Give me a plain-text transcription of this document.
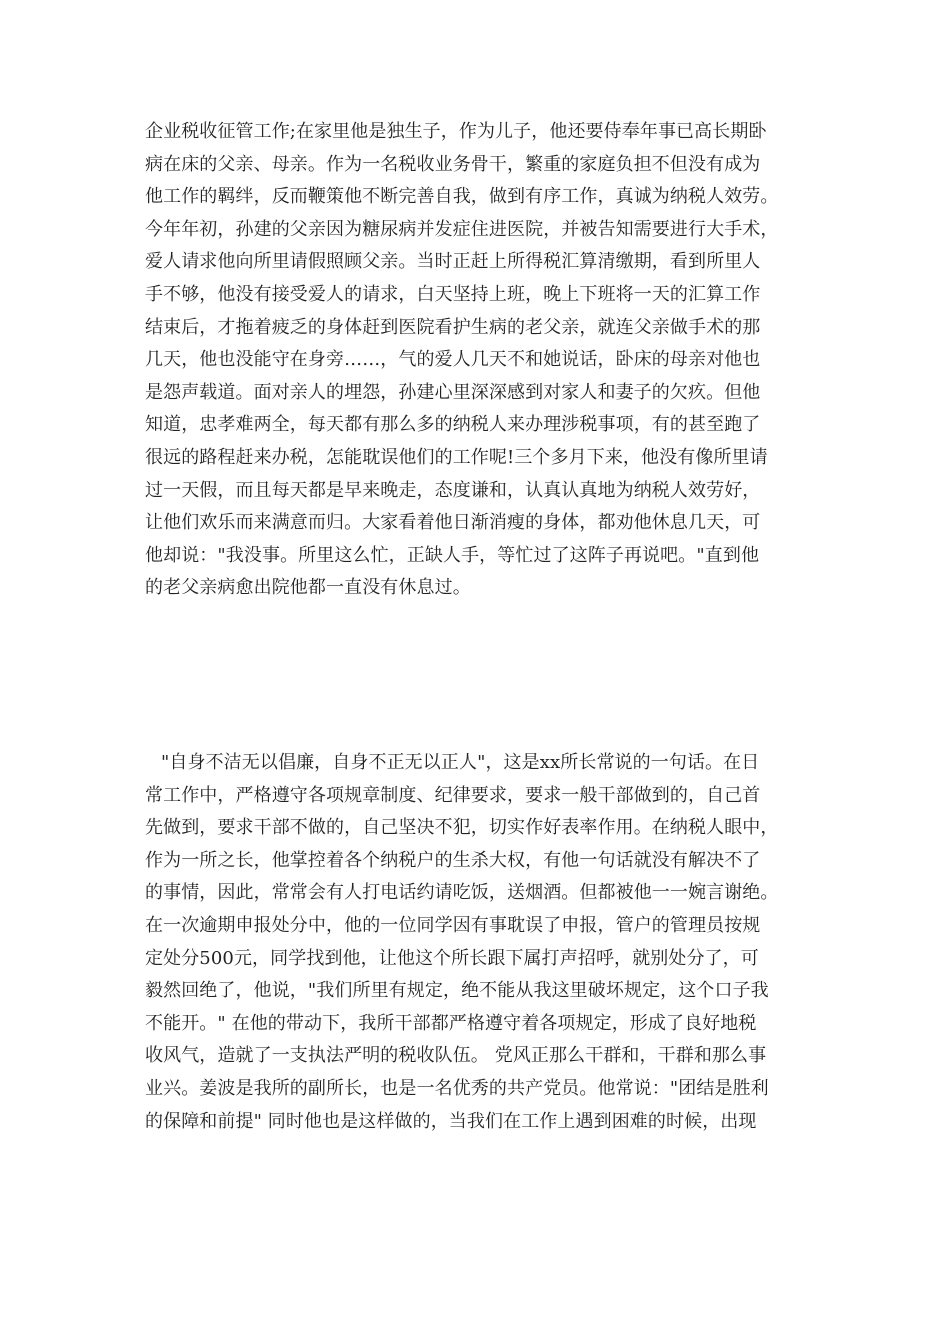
企业税收征管工作;在家里他是独生子，作为儿子，他还要侍奉年事已高长期卧
病在床的父亲、母亲。作为一名税收业务骨干，繁重的家庭负担不但没有成为
他工作的羁绊，反而鞭策他不断完善自我，做到有序工作，真诚为纳税人效劳。
今年年初，孙建的父亲因为糖尿病并发症住进医院，并被告知需要进行大手术，
爱人请求他向所里请假照顾父亲。当时正赶上所得税汇算清缴期，看到所里人
手不够，他没有接受爱人的请求，白天坚持上班，晚上下班将一天的汇算工作
结束后，才拖着疲乏的身体赶到医院看护生病的老父亲，就连父亲做手术的那
几天，他也没能守在身旁……，气的爱人几天不和她说话，卧床的母亲对他也
是怨声载道。面对亲人的埋怨，孙建心里深深感到对家人和妻子的欠疚。但他
知道，忠孝难两全，每天都有那么多的纳税人来办理涉税事项，有的甚至跑了
很远的路程赶来办税，怎能耽误他们的工作呢!三个多月下来，他没有像所里请
过一天假，而且每天都是早来晚走，态度谦和，认真认真地为纳税人效劳好，
让他们欢乐而来满意而归。大家看着他日渐消瘦的身体，都劝他休息几天，可
他却说："我没事。所里这么忙，正缺人手，等忙过了这阵子再说吧。"直到他
的老父亲病愈出院他都一直没有休息过。

"自身不洁无以倡廉，自身不正无以正人"，这是xx所长常说的一句话。在日
常工作中，严格遵守各项规章制度、纪律要求，要求一般干部做到的，自己首
先做到，要求干部不做的，自己坚决不犯，切实作好表率作用。在纳税人眼中，
作为一所之长，他掌控着各个纳税户的生杀大权，有他一句话就没有解决不了
的事情，因此，常常会有人打电话约请吃饭，送烟酒。但都被他一一婉言谢绝。
在一次逾期申报处分中，他的一位同学因有事耽误了申报，管户的管理员按规
定处分500元，同学找到他，让他这个所长跟下属打声招呼，就别处分了，可
毅然回绝了，他说，"我们所里有规定，绝不能从我这里破坏规定，这个口子我
不能开。" 在他的带动下，我所干部都严格遵守着各项规定，形成了良好地税
收风气，造就了一支执法严明的税收队伍。 党风正那么干群和，干群和那么事
业兴。姜波是我所的副所长，也是一名优秀的共产党员。他常说："团结是胜利
的保障和前提" 同时他也是这样做的，当我们在工作上遇到困难的时候，出现
